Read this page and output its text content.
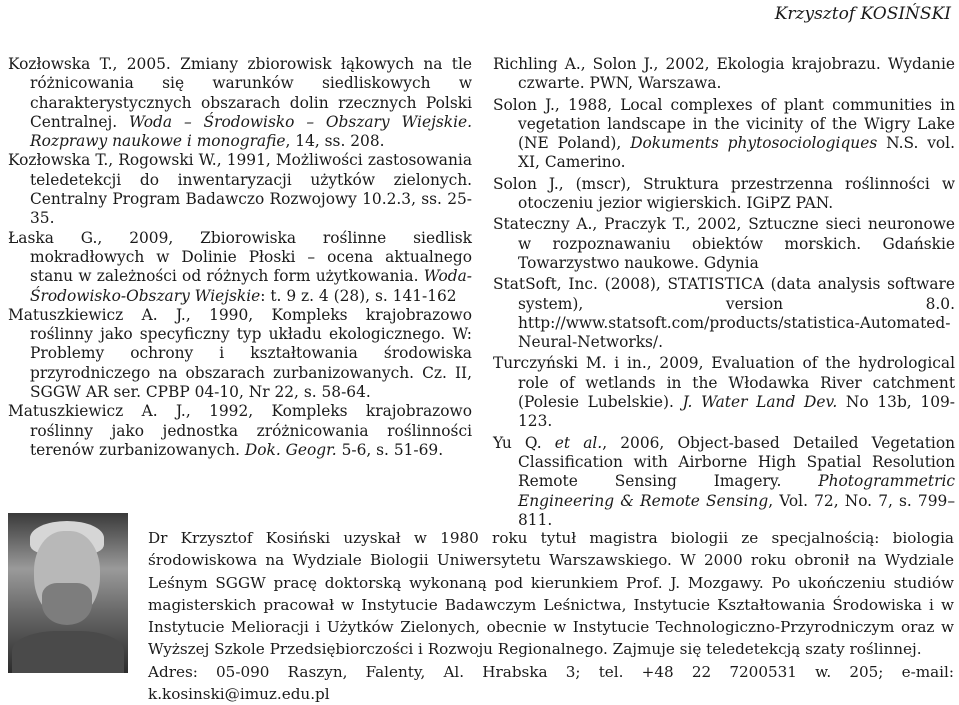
Krzysztof KOSIŃSKI

Kozłowska T., 2005. Zmiany zbiorowisk łąkowych na tle różnicowania się warunków siedliskowych w charakterystycznych obszarach dolin rzecznych Polski Centralnej. Woda – Środowisko – Obszary Wiejskie. Rozprawy naukowe i monografie, 14, ss. 208.

Kozłowska T., Rogowski W., 1991, Możliwości zastosowania teledetekcji do inwentaryzacji użytków zielonych. Centralny Program Badawczo Rozwojowy 10.2.3, ss. 25-35.

Łaska G., 2009, Zbiorowiska roślinne siedlisk mokradłowych w Dolinie Płoski – ocena aktualnego stanu w zależności od różnych form użytkowania. Woda-Środowisko-Obszary Wiejskie: t. 9 z. 4 (28), s. 141-162

Matuszkiewicz A. J., 1990, Kompleks krajobrazowo roślinny jako specyficzny typ układu ekologicznego. W: Problemy ochrony i kształtowania środowiska przyrodniczego na obszarach zurbanizowanych. Cz. II, SGGW AR ser. CPBP 04-10, Nr 22, s. 58-64.

Matuszkiewicz A. J., 1992, Kompleks krajobrazowo roślinny jako jednostka zróżnicowania roślinności terenów zurbanizowanych. Dok. Geogr. 5-6, s. 51-69.

Richling A., Solon J., 2002, Ekologia krajobrazu. Wydanie czwarte. PWN, Warszawa.

Solon J., 1988, Local complexes of plant communities in vegetation landscape in the vicinity of the Wigry Lake (NE Poland), Dokuments phytosociologiques N.S. vol. XI, Camerino.

Solon J., (mscr), Struktura przestrzenna roślinności w otoczeniu jezior wigierskich. IGiPZ PAN.

Stateczny A., Praczyk T., 2002, Sztuczne sieci neuronowe w rozpoznawaniu obiektów morskich. Gdańskie Towarzystwo naukowe. Gdynia

StatSoft, Inc. (2008), STATISTICA (data analysis software system), version 8.0. http://www.statsoft.com/products/statistica-Automated-Neural-Networks/.

Turczyński M. i in., 2009, Evaluation of the hydrological role of wetlands in the Włodawka River catchment (Polesie Lubelskie). J. Water Land Dev. No 13b, 109-123.

Yu Q. et al., 2006, Object-based Detailed Vegetation Classification with Airborne High Spatial Resolution Remote Sensing Imagery. Photogrammetric Engineering & Remote Sensing, Vol. 72, No. 7, s. 799–811.

Dr Krzysztof Kosiński uzyskał w 1980 roku tytuł magistra biologii ze specjalnością: biologia środowiskowa na Wydziale Biologii Uniwersytetu Warszawskiego. W 2000 roku obronił na Wydziale Leśnym SGGW pracę doktorską wykonaną pod kierunkiem Prof. J. Mozgawy. Po ukończeniu studiów magisterskich pracował w Instytucie Badawczym Leśnictwa, Instytucie Kształtowania Środowiska i w Instytucie Melioracji i Użytków Zielonych, obecnie w Instytucie Technologiczno-Przyrodniczym oraz w Wyższej Szkole Przedsiębiorczości i Rozwoju Regionalnego. Zajmuje się teledetekcją szaty roślinnej.

Adres: 05-090 Raszyn, Falenty, Al. Hrabska 3; tel. +48 22 7200531 w. 205; e-mail: k.kosinski@imuz.edu.pl
